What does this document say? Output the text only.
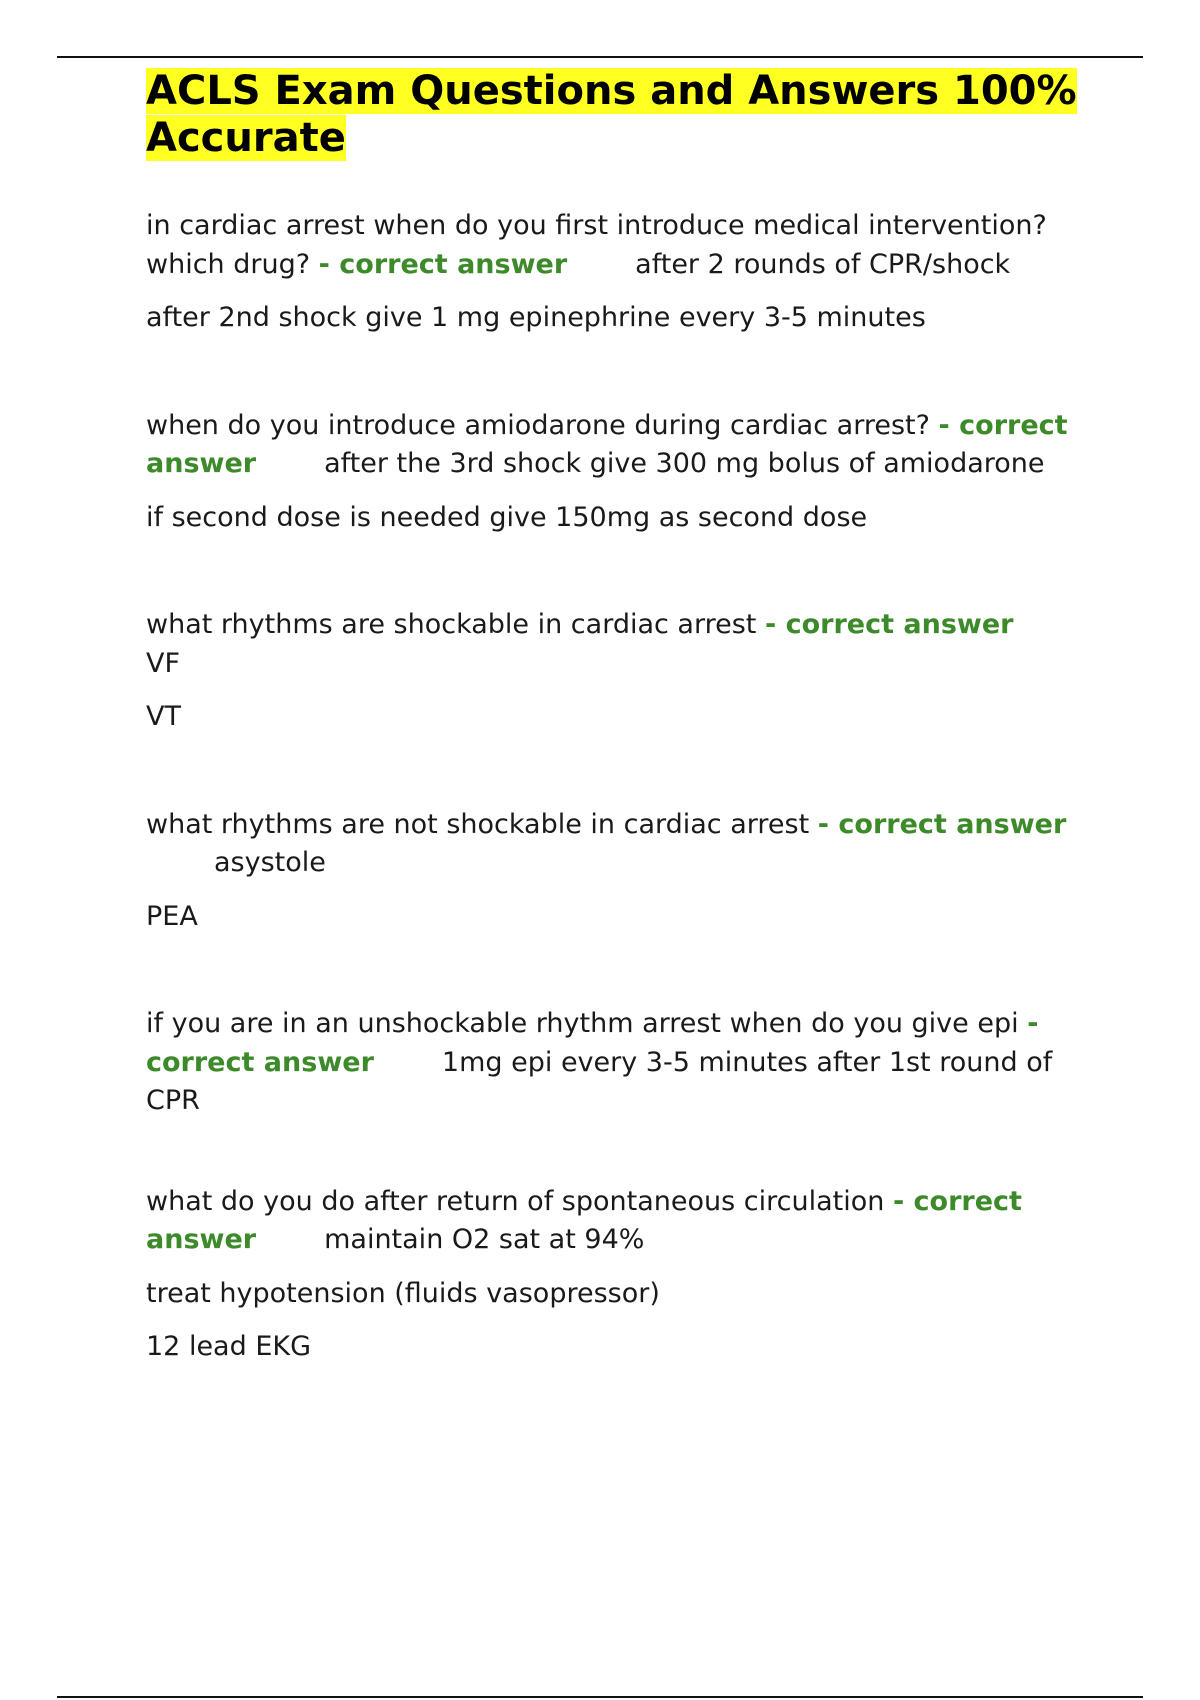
ACLS Exam Questions and Answers 100% Accurate

in cardiac arrest when do you first introduce medical intervention? which drug? - correct answer	after 2 rounds of CPR/shock

after 2nd shock give 1 mg epinephrine every 3-5 minutes

when do you introduce amiodarone during cardiac arrest? - correct answer	after the 3rd shock give 300 mg bolus of amiodarone

if second dose is needed give 150mg as second dose

what rhythms are shockable in cardiac arrest - correct answerVF

VT

what rhythms are not shockable in cardiac arrest - correct answerasystole

PEA

if you are in an unshockable rhythm arrest when do you give epi - correct answer	1mg epi every 3-5 minutes after 1st round of CPR

what do you do after return of spontaneous circulation - correct answer	maintain O2 sat at 94%

treat hypotension (fluids vasopressor)

12 lead EKG
